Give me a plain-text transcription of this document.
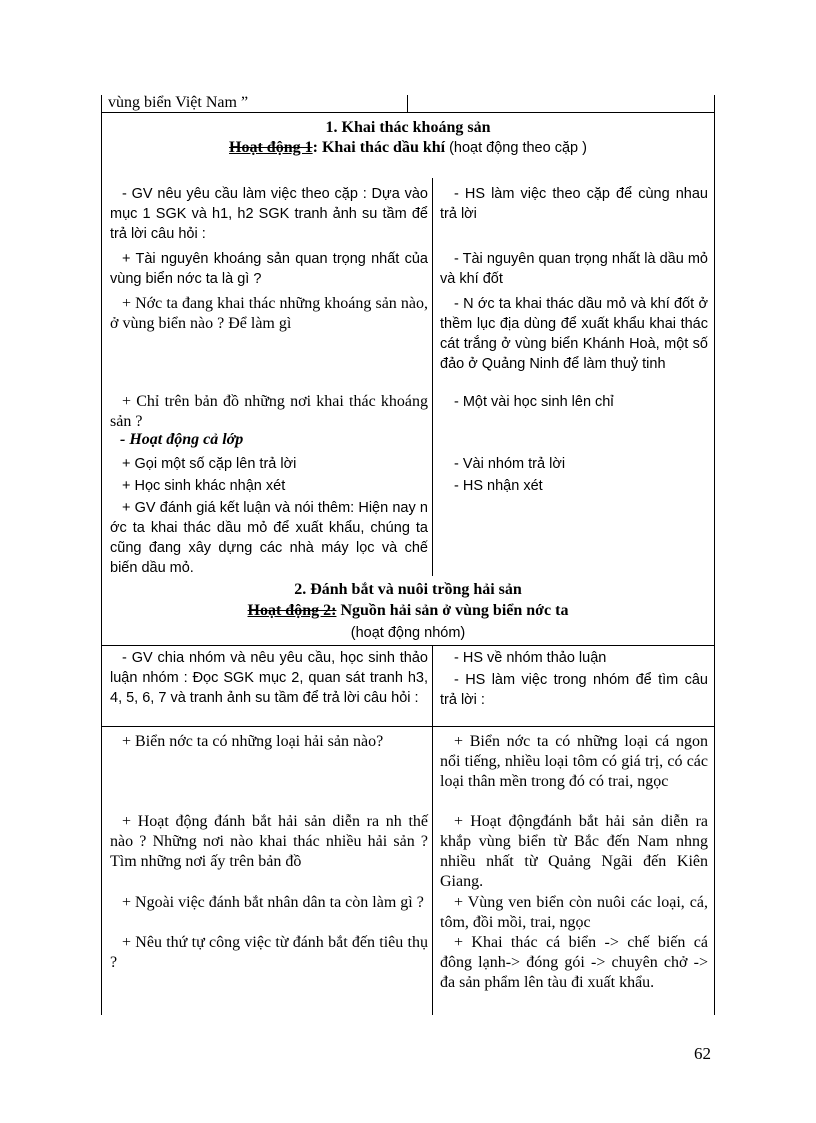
vùng biển Việt Nam ”
1. Khai thác khoáng sản
Hoạt động 1: Khai thác dầu khí (hoạt động theo cặp )
- GV nêu yêu cầu làm việc theo cặp : Dựa vào mục 1 SGK và h1, h2 SGK tranh ảnh su tầm để trả lời câu hỏi :
+ Tài nguyên khoáng sản quan trọng nhất của vùng biển nớc ta là gì ?
+ Nớc ta đang khai thác những khoáng sản nào, ở vùng biển nào ? Để làm gì
+ Chỉ trên bản đồ những nơi khai thác khoáng sản ?
- Hoạt động cả lớp
+ Gọi một số cặp lên trả lời
+ Học sinh khác nhận xét
+ GV đánh giá kết luận và nói thêm: Hiện nay n ớc ta khai thác dầu mỏ để xuất khẩu, chúng ta cũng đang xây dựng các nhà máy lọc và chế biến dầu mỏ.
- HS làm việc theo cặp để cùng nhau trả lời
- Tài nguyên quan trọng nhất là dầu mỏ và khí đốt
- N ớc ta khai thác dầu mỏ và khí đốt ở thềm lục địa dùng để xuất khẩu khai thác cát trắng ở vùng biển Khánh Hoà, một số đảo ở Quảng Ninh để làm thuỷ tinh
- Một vài học sinh lên chỉ
- Vài nhóm trả lời
- HS nhận xét
2. Đánh bắt và nuôi trồng hải sản
Hoạt động 2: Nguồn hải sản ở vùng biển nớc ta
(hoạt động nhóm)
- GV chia nhóm và nêu yêu cầu, học sinh thảo luận nhóm : Đọc SGK mục 2, quan sát tranh h3, 4, 5, 6, 7 và tranh ảnh su tầm để trả lời câu hỏi :
+ Biển nớc ta có những loại hải sản nào?
+ Hoạt động đánh bắt hải sản diễn ra nh thế nào ? Những nơi nào khai thác nhiều hải sản ? Tìm những nơi ấy trên bản đồ
+ Ngoài việc đánh bắt nhân dân ta còn làm gì ?
+ Nêu thứ tự công việc từ đánh bắt đến tiêu thụ ?
- HS về nhóm thảo luận
- HS làm việc trong nhóm để tìm câu trả lời :
+ Biển nớc ta có những loại cá ngon nổi tiếng, nhiều loại tôm có giá trị, có các loại thân mền trong đó có trai, ngọc
+ Hoạt độngđánh bắt hải sản diễn ra khắp vùng biển từ Bắc đến Nam nhng nhiều nhất từ Quảng Ngãi đến Kiên Giang.
+ Vùng ven biển còn nuôi các loại, cá, tôm, đồi mồi, trai, ngọc
+ Khai thác cá biển -> chế biến cá đông lạnh-> đóng gói -> chuyên chở -> đa sản phẩm lên tàu đi xuất khẩu.
62
